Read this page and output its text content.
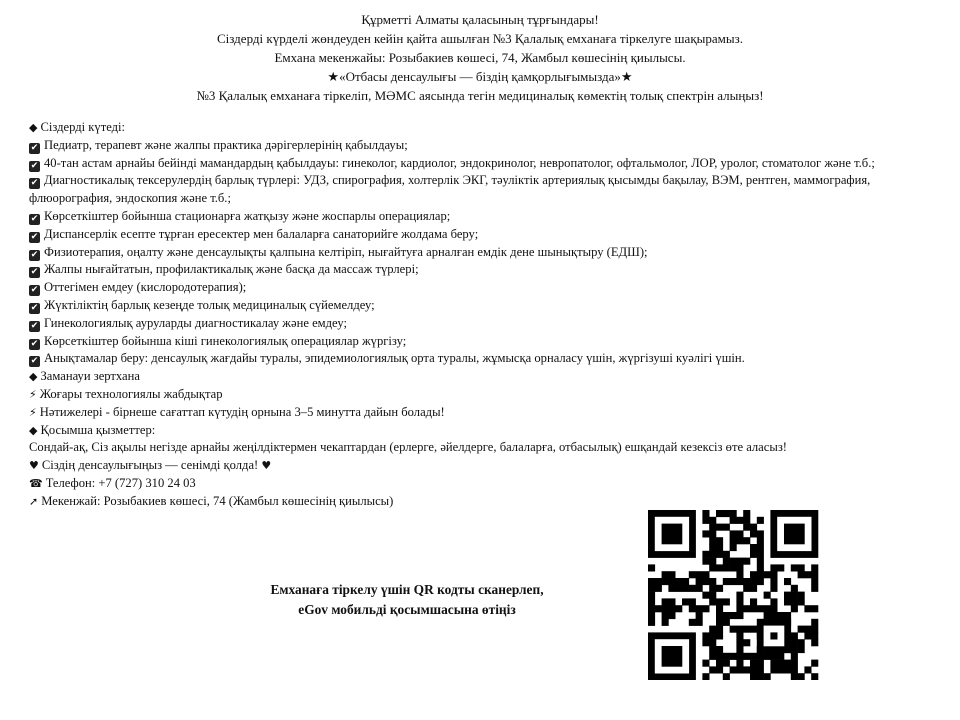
Құрметті Алматы қаласының тұрғындары!
Сіздерді күрделі жөндеуден кейін қайта ашылған №3 Қалалық емханаға тіркелуге шақырамыз.
Емхана мекенжайы: Розыбакиев көшесі, 74, Жамбыл көшесінің қиылысы.
★«Отбасы денсаулығы — біздің қамқорлығымызда»★
№3 Қалалық емханаға тіркеліп, МӘМС аясында тегін медициналық көмектің толық спектрін алыңыз!
◆ Сіздерді күтеді:
✔ Педиатр, терапевт және жалпы практика дәрігерлерінің қабылдауы;
✔ 40-тан астам арнайы бейінді мамандардың қабылдауы: гинеколог, кардиолог, эндокринолог, невропатолог, офтальмолог, ЛОР, уролог, стоматолог және т.б.;
✔ Диагностикалық тексерулердің барлық түрлері: УДЗ, спирография, холтерлік ЭКГ, тәуліктік артериялық қысымды бақылау, ВЭМ, рентген, маммография, флюорография, эндоскопия және т.б.;
✔ Көрсеткіштер бойынша стационарға жатқызу және жоспарлы операциялар;
✔ Диспансерлік есепте тұрған ересектер мен балаларға санаторийге жолдама беру;
✔ Физиотерапия, оңалту және денсаулықты қалпына келтіріп, нығайтуға арналған емдік дене шынықтыру (ЕДШ);
✔ Жалпы нығайтатын, профилактикалық және басқа да массаж түрлері;
✔ Оттегімен емдеу (кислородотерапия);
✔ Жүктіліктің барлық кезеңде толық медициналық сүйемелдеу;
✔ Гинекологиялық ауруларды диагностикалау және емдеу;
✔ Көрсеткіштер бойынша кіші гинекологиялық операциялар жүргізу;
✔ Анықтамалар беру: денсаулық жағдайы туралы, эпидемиологиялық орта туралы, жұмысқа орналасу үшін, жүргізуші куәлігі үшін.
◆ Заманауи зертхана
⚡ Жоғары технологиялы жабдықтар
⚡ Нәтижелері - бірнеше сағаттап күтудің орнына 3–5 минутта дайын болады!
◆ Қосымша қызметтер:
Сондай-ақ, Сіз ақылы негізде арнайы жеңілдіктермен чекаптардан (ерлерге, әйелдерге, балаларға, отбасылық) ешқандай кезексіз өте аласыз!
♥ Сіздің денсаулығыңыз — сенімді қолда! ♥
☎ Телефон: +7 (727) 310 24 03
➚ Мекенжай: Розыбакиев көшесі, 74 (Жамбыл көшесінің қиылысы)
Емханаға тіркелу үшін QR кодты сканерлеп,
eGov мобильді қосымшасына өтіңіз
